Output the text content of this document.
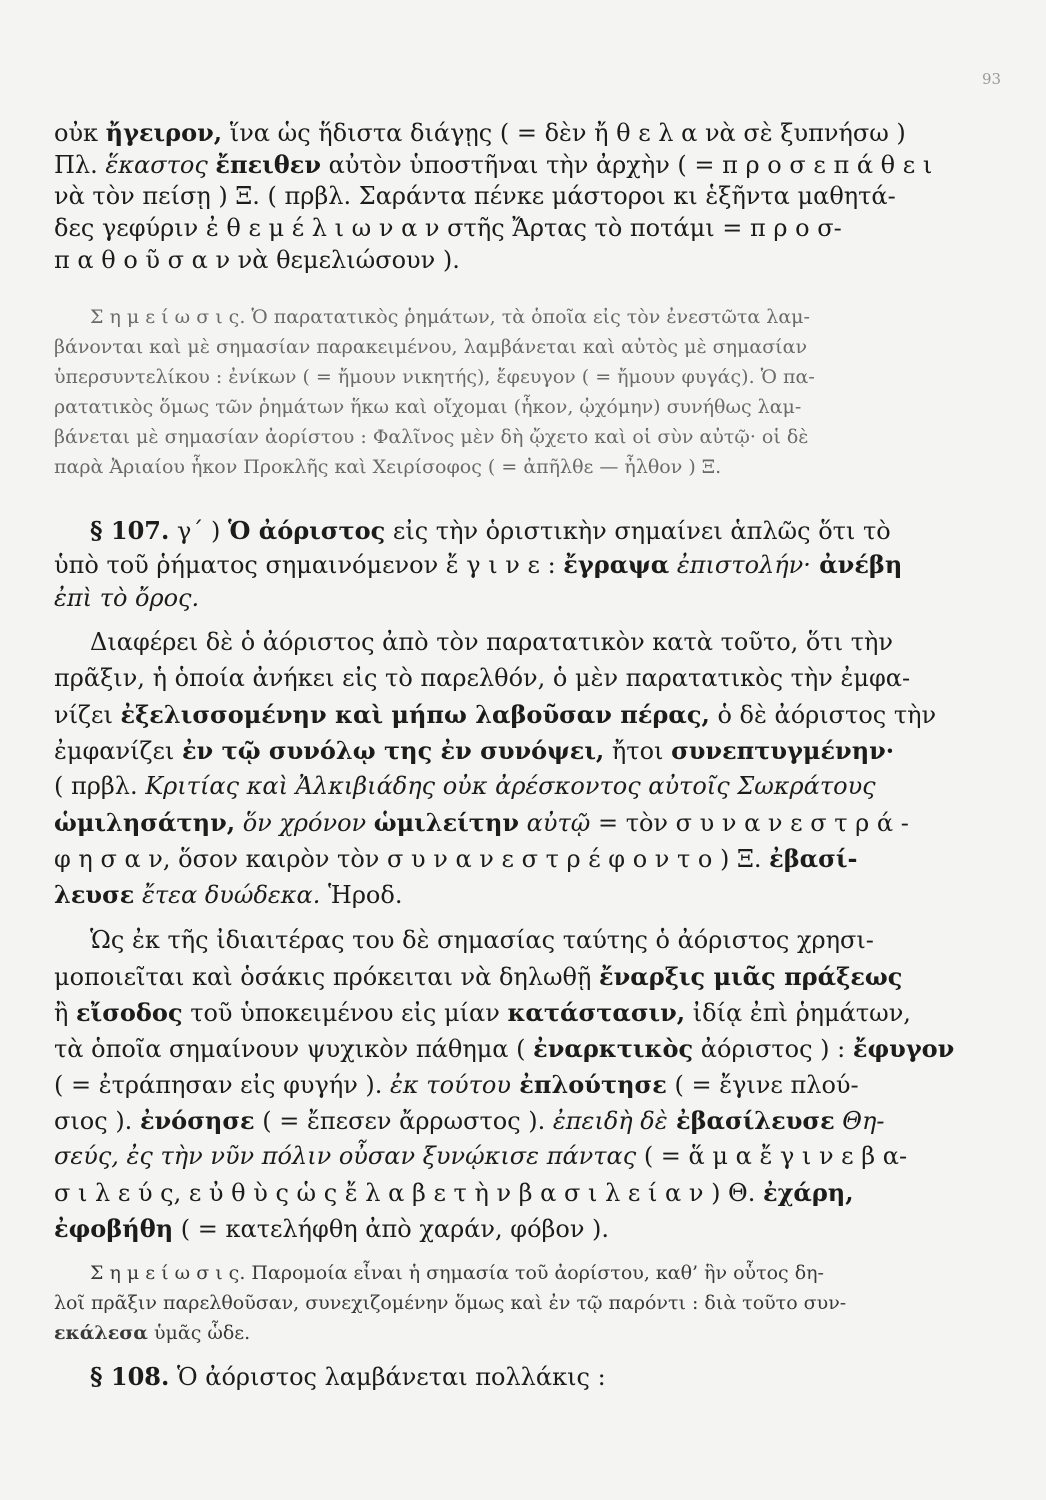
93
οὐκ ἤγειρον, ἵνα ὡς ἥδιστα διάγῃς ( = δὲν ἤ θ ε λ α νὰ σὲ ξυπνήσω )
Πλ. ἕκαστος ἔπειθεν αὐτὸν ὑποστῆναι τὴν ἀρχὴν ( = π ρ ο σ ε π ά θ ε ι
νὰ τὸν πείσῃ ) Ξ. ( πρβλ. Σαράντα πένκε μάστοροι κι ἑξῆντα μαθητά-
δες γεφύριν ἐ θ ε μ έ λ ι ω ν α ν στῆς Ἄρτας τὸ ποτάμι = π ρ ο σ-
π α θ ο ῦ σ α ν νὰ θεμελιώσουν ).
Σ η μ ε ί ω σ ι ς. Ὁ παρατατικὸς ῥημάτων, τὰ ὁποῖα εἰς τὸν ἐνεστῶτα λαμ-
βάνονται καὶ μὲ σημασίαν παρακειμένου, λαμβάνεται καὶ αὐτὸς μὲ σημασίαν
ὑπερσυντελίκου : ἐνίκων ( = ἤμουν νικητής), ἔφευγον ( = ἤμουν φυγάς). Ὁ πα-
ρατατικὸς ὅμως τῶν ῥημάτων ἥκω καὶ οἴχομαι (ἧκον, ᾠχόμην) συνήθως λαμ-
βάνεται μὲ σημασίαν ἀορίστου : Φαλῖνος μὲν δὴ ᾤχετο καὶ οἱ σὺν αὐτῷ· οἱ δὲ
παρὰ Ἀριαίου ἧκον Προκλῆς καὶ Χειρίσοφος ( = ἀπῆλθε — ἦλθον ) Ξ.
§ 107. γ΄ ) Ὁ ἀόριστος εἰς τὴν ὁριστικὴν σημαίνει ἁπλῶς ὅτι τὸ
ὑπὸ τοῦ ῥήματος σημαινόμενον ἔ γ ι ν ε : ἔγραψα ἐπιστολήν· ἀνέβη
ἐπὶ τὸ ὄρος.
Διαφέρει δὲ ὁ ἀόριστος ἀπὸ τὸν παρατατικὸν κατὰ τοῦτο, ὅτι τὴν
πρᾶξιν, ἡ ὁποία ἀνήκει εἰς τὸ παρελθόν, ὁ μὲν παρατατικὸς τὴν ἐμφα-
νίζει ἐξελισσομένην καὶ μήπω λαβοῦσαν πέρας, ὁ δὲ ἀόριστος τὴν
ἐμφανίζει ἐν τῷ συνόλῳ της ἐν συνόψει, ἤτοι συνεπτυγμένην·
( πρβλ. Κριτίας καὶ Ἀλκιβιάδης οὐκ ἀρέσκοντος αὐτοῖς Σωκράτους
ὡμιλησάτην, ὅν χρόνον ὡμιλείτην αὐτῷ = τὸν σ υ ν α ν ε σ τ ρ ά -
φ η σ α ν, ὅσον καιρὸν τὸν σ υ ν α ν ε σ τ ρ έ φ ο ν τ ο ) Ξ. ἐβασί-
λευσε ἔτεα δυώδεκα. Ἡροδ.
Ὡς ἐκ τῆς ἰδιαιτέρας του δὲ σημασίας ταύτης ὁ ἀόριστος χρησι-
μοποιεῖται καὶ ὁσάκις πρόκειται νὰ δηλωθῇ ἔναρξις μιᾶς πράξεως
ἢ εἴσοδος τοῦ ὑποκειμένου εἰς μίαν κατάστασιν, ἰδίᾳ ἐπὶ ῥημάτων,
τὰ ὁποῖα σημαίνουν ψυχικὸν πάθημα ( ἐναρκτικὸς ἀόριστος ) : ἔφυγον
( = ἐτράπησαν εἰς φυγήν ). ἐκ τούτου ἐπλούτησε ( = ἔγινε πλού-
σιος ). ἐνόσησε ( = ἔπεσεν ἄρρωστος ). ἐπειδὴ δὲ ἐβασίλευσε Θη-
σεύς, ἐς τὴν νῦν πόλιν οὖσαν ξυνῴκισε πάντας ( = ἅ μ α ἔ γ ι ν ε β α-
σ ι λ ε ύ ς, ε ὐ θ ὺ ς ὡ ς ἔ λ α β ε τ ὴ ν β α σ ι λ ε ί α ν ) Θ. ἐχάρη,
ἐφοβήθη ( = κατελήφθη ἀπὸ χαράν, φόβον ).
Σ η μ ε ί ω σ ι ς. Παρομοία εἶναι ἡ σημασία τοῦ ἀορίστου, καθ’ ἣν οὗτος δη-
λοῖ πρᾶξιν παρελθοῦσαν, συνεχιζομένην ὅμως καὶ ἐν τῷ παρόντι : διὰ τοῦτο συν-
εκάλεσα ὑμᾶς ὧδε.
§ 108. Ὁ ἀόριστος λαμβάνεται πολλάκις :
